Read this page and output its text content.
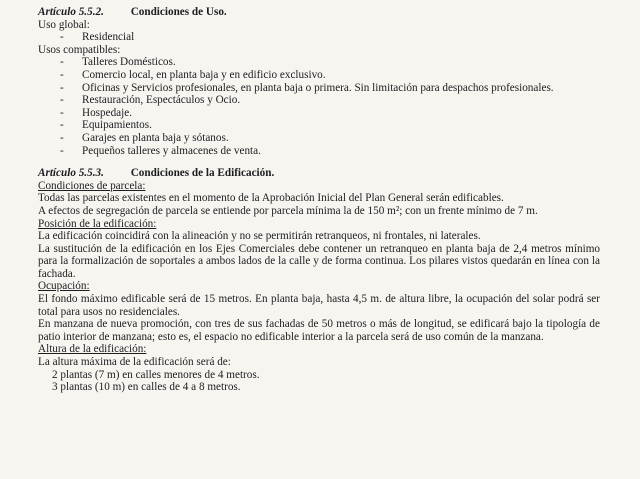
Artículo 5.5.2. Condiciones de Uso.

Uso global:

- Residencial

Usos compatibles:

- Talleres Domésticos.
- Comercio local, en planta baja y en edificio exclusivo.
- Oficinas y Servicios profesionales, en planta baja o primera. Sin limitación para despachos profesionales.
- Restauración, Espectáculos y Ocio.
- Hospedaje.
- Equipamientos.
- Garajes en planta baja y sótanos.
- Pequeños talleres y almacenes de venta.

Artículo 5.5.3. Condiciones de la Edificación.

Condiciones de parcela:

Todas las parcelas existentes en el momento de la Aprobación Inicial del Plan General serán edificables.

A efectos de segregación de parcela se entiende por parcela mínima la de 150 m²; con un frente mínimo de 7 m.

Posición de la edificación:

La edificación coincidirá con la alineación y no se permitirán retranqueos, ni frontales, ni laterales.

La sustitución de la edificación en los Ejes Comerciales debe contener un retranqueo en planta baja de 2,4 metros mínimo para la formalización de soportales a ambos lados de la calle y de forma continua. Los pilares vistos quedarán en línea con la fachada.

Ocupación:

El fondo máximo edificable será de 15 metros. En planta baja, hasta 4,5 m. de altura libre, la ocupación del solar podrá ser total para usos no residenciales.

En manzana de nueva promoción, con tres de sus fachadas de 50 metros o más de longitud, se edificará bajo la tipología de patio interior de manzana; esto es, el espacio no edificable interior a la parcela será de uso común de la manzana.

Altura de la edificación:

La altura máxima de la edificación será de:

2 plantas (7 m) en calles menores de 4 metros.

3 plantas (10 m) en calles de 4 a 8 metros.
